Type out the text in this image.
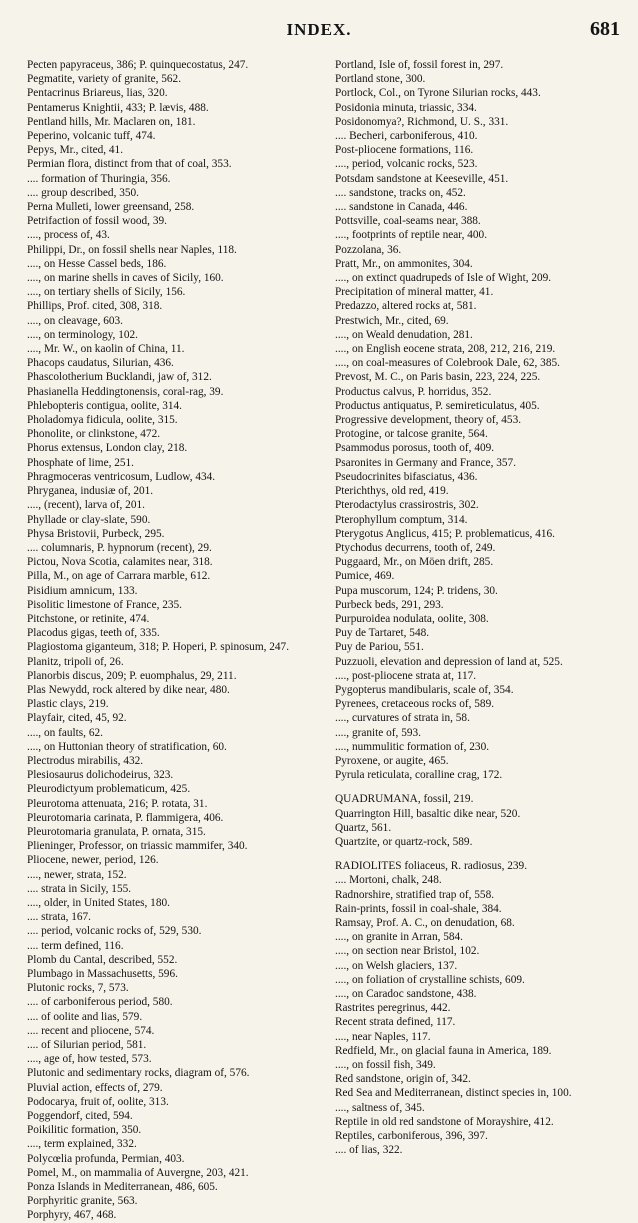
INDEX.	681
Pecten papyraceus, 386; P. quinquecostatus, 247.
Pegmatite, variety of granite, 562.
Pentacrinus Briareus, lias, 320.
Pentamerus Knightii, 433; P. lævis, 488.
Pentland hills, Mr. Maclaren on, 181.
Peperino, volcanic tuff, 474.
Pepys, Mr., cited, 41.
Permian flora, distinct from that of coal, 353.
.... formation of Thuringia, 356.
.... group described, 350.
Perna Mulleti, lower greensand, 258.
Petrifaction of fossil wood, 39.
...., process of, 43.
Philippi, Dr., on fossil shells near Naples, 118.
...., on Hesse Cassel beds, 186.
...., on marine shells in caves of Sicily, 160.
...., on tertiary shells of Sicily, 156.
Phillips, Prof. cited, 308, 318.
...., on cleavage, 603.
...., on terminology, 102.
...., Mr. W., on kaolin of China, 11.
Phacops caudatus, Silurian, 436.
Phascolotherium Bucklandi, jaw of, 312.
Phasianella Heddingtonensis, coral-rag, 39.
Phlebopteris contigua, oolite, 314.
Pholadomya fidicula, oolite, 315.
Phonolite, or clinkstone, 472.
Phorus extensus, London clay, 218.
Phosphate of lime, 251.
Phragmoceras ventricosum, Ludlow, 434.
Phryganea, indusiæ of, 201.
...., (recent), larva of, 201.
Phyllade or clay-slate, 590.
Physa Bristovii, Purbeck, 295.
.... columnaris, P. hypnorum (recent), 29.
Pictou, Nova Scotia, calamites near, 318.
Pilla, M., on age of Carrara marble, 612.
Pisidium amnicum, 133.
Pisolitic limestone of France, 235.
Pitchstone, or retinite, 474.
Placodus gigas, teeth of, 335.
Plagiostoma giganteum, 318; P. Hoperi, P. spinosum, 247.
Planitz, tripoli of, 26.
Planorbis discus, 209; P. euomphalus, 29, 211.
Plas Newydd, rock altered by dike near, 480.
Plastic clays, 219.
Playfair, cited, 45, 92.
...., on faults, 62.
...., on Huttonian theory of stratification, 60.
Plectrodus mirabilis, 432.
Plesiosaurus dolichodeirus, 323.
Pleurodictyum problematicum, 425.
Pleurotoma attenuata, 216; P. rotata, 31.
Pleurotomaria carinata, P. flammigera, 406.
Pleurotomaria granulata, P. ornata, 315.
Plieninger, Professor, on triassic mammifer, 340.
Pliocene, newer, period, 126.
...., newer, strata, 152.
.... strata in Sicily, 155.
...., older, in United States, 180.
.... strata, 167.
.... period, volcanic rocks of, 529, 530.
.... term defined, 116.
Plomb du Cantal, described, 552.
Plumbago in Massachusetts, 596.
Plutonic rocks, 7, 573.
.... of carboniferous period, 580.
.... of oolite and lias, 579.
.... recent and pliocene, 574.
.... of Silurian period, 581.
...., age of, how tested, 573.
Plutonic and sedimentary rocks, diagram of, 576.
Pluvial action, effects of, 279.
Podocarya, fruit of, oolite, 313.
Poggendorf, cited, 594.
Poikilitic formation, 350.
...., term explained, 332.
Polycœlia profunda, Permian, 403.
Pomel, M., on mammalia of Auvergne, 203, 421.
Ponza Islands in Mediterranean, 486, 605.
Porphyritic granite, 563.
Porphyry, 467, 468.
Portland, Isle of, fossil forest in, 297.
Portland stone, 300.
Portlock, Col., on Tyrone Silurian rocks, 443.
Posidonia minuta, triassic, 334.
Posidonomya?, Richmond, U. S., 331.
.... Becheri, carboniferous, 410.
Post-pliocene formations, 116.
...., period, volcanic rocks, 523.
Potsdam sandstone at Keeseville, 451.
.... sandstone, tracks on, 452.
.... sandstone in Canada, 446.
Pottsville, coal-seams near, 388.
...., footprints of reptile near, 400.
Pozzolana, 36.
Pratt, Mr., on ammonites, 304.
...., on extinct quadrupeds of Isle of Wight, 209.
Precipitation of mineral matter, 41.
Predazzo, altered rocks at, 581.
Prestwich, Mr., cited, 69.
...., on Weald denudation, 281.
...., on English eocene strata, 208, 212, 216, 219.
...., on coal-measures of Colebrook Dale, 62, 385.
Prevost, M. C., on Paris basin, 223, 224, 225.
Productus calvus, P. horridus, 352.
Productus antiquatus, P. semireticulatus, 405.
Progressive development, theory of, 453.
Protogine, or talcose granite, 564.
Psammodus porosus, tooth of, 409.
Psaronites in Germany and France, 357.
Pseudocrinites bifasciatus, 436.
Pterichthys, old red, 419.
Pterodactylus crassirostris, 302.
Pterophyllum comptum, 314.
Pterygotus Anglicus, 415; P. problematicus, 416.
Ptychodus decurrens, tooth of, 249.
Puggaard, Mr., on Möen drift, 285.
Pumice, 469.
Pupa muscorum, 124; P. tridens, 30.
Purbeck beds, 291, 293.
Purpuroidea nodulata, oolite, 308.
Puy de Tartaret, 548.
Puy de Pariou, 551.
Puzzuoli, elevation and depression of land at, 525.
...., post-pliocene strata at, 117.
Pygopterus mandibularis, scale of, 354.
Pyrenees, cretaceous rocks of, 589.
...., curvatures of strata in, 58.
...., granite of, 593.
...., nummulitic formation of, 230.
Pyroxene, or augite, 465.
Pyrula reticulata, coralline crag, 172.
QUADRUMANA, fossil, 219.
Quarrington Hill, basaltic dike near, 520.
Quartz, 561.
Quartzite, or quartz-rock, 589.
RADIOLITES foliaceus, R. radiosus, 239.
.... Mortoni, chalk, 248.
Radnorshire, stratified trap of, 558.
Rain-prints, fossil in coal-shale, 384.
Ramsay, Prof. A. C., on denudation, 68.
...., on granite in Arran, 584.
...., on section near Bristol, 102.
...., on Welsh glaciers, 137.
...., on foliation of crystalline schists, 609.
...., on Caradoc sandstone, 438.
Rastrites peregrinus, 442.
Recent strata defined, 117.
...., near Naples, 117.
Redfield, Mr., on glacial fauna in America, 189.
...., on fossil fish, 349.
Red sandstone, origin of, 342.
Red Sea and Mediterranean, distinct species in, 100.
...., saltness of, 345.
Reptile in old red sandstone of Morayshire, 412.
Reptiles, carboniferous, 396, 397.
.... of lias, 322.
